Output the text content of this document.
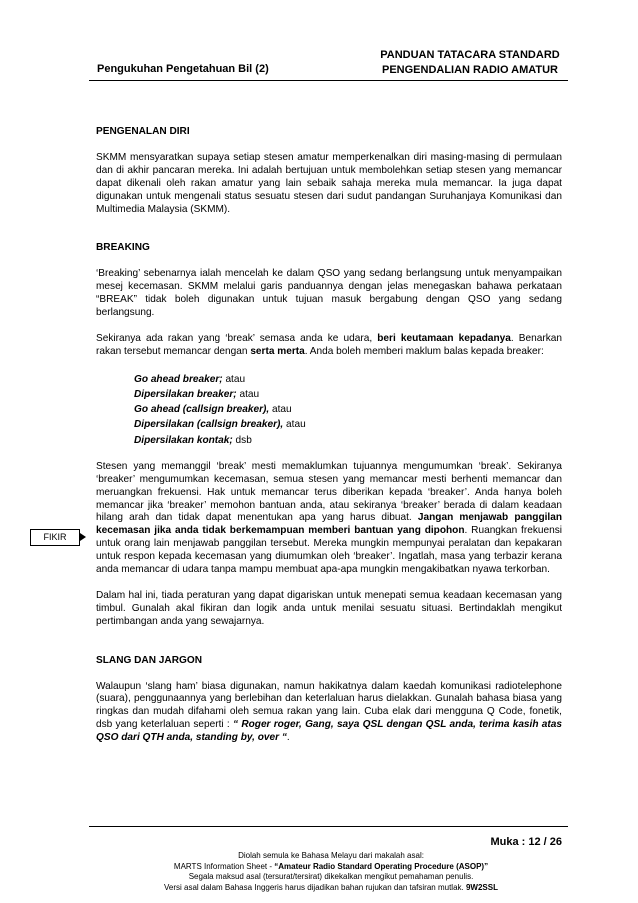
PANDUAN TATACARA STANDARD
PENGENDALIAN RADIO AMATUR
Pengukuhan Pengetahuan Bil (2)

PENGENALAN DIRI

SKMM mensyaratkan supaya setiap stesen amatur memperkenalkan diri masing-masing di permulaan dan di akhir pancaran mereka. Ini adalah bertujuan untuk membolehkan setiap stesen yang memancar dapat dikenali oleh rakan amatur yang lain sebaik sahaja mereka mula memancar. Ia juga dapat digunakan untuk mengenali status sesuatu stesen dari sudut pandangan Suruhanjaya Komunikasi dan Multimedia Malaysia (SKMM).

BREAKING

‘Breaking’ sebenarnya ialah mencelah ke dalam QSO yang sedang berlangsung untuk menyampaikan mesej kecemasan. SKMM melalui garis panduannya dengan jelas menegaskan bahawa perkataan “BREAK” tidak boleh digunakan untuk tujuan masuk bergabung dengan QSO yang sedang berlangsung.

Sekiranya ada rakan yang ‘break’ semasa anda ke udara, beri keutamaan kepadanya. Benarkan rakan tersebut memancar dengan serta merta. Anda boleh memberi maklum balas kepada breaker:

Go ahead breaker; atau
Dipersilakan breaker; atau
Go ahead (callsign breaker), atau
Dipersilakan (callsign breaker), atau
Dipersilakan kontak; dsb

Stesen yang memanggil ‘break’ mesti memaklumkan tujuannya mengumumkan ‘break’. Sekiranya ‘breaker’ mengumumkan kecemasan, semua stesen yang memancar mesti berhenti memancar dan meruangkan frekuensi. Hak untuk memancar terus diberikan kepada ‘breaker’. Anda hanya boleh memancar jika ‘breaker’ memohon bantuan anda, atau sekiranya ‘breaker’ berada di dalam keadaan hilang arah dan tidak dapat menentukan apa yang harus dibuat. Jangan menjawab panggilan kecemasan jika anda tidak berkemampuan memberi bantuan yang dipohon. Ruangkan frekuensi untuk orang lain menjawab panggilan tersebut. Mereka mungkin mempunyai peralatan dan kepakaran untuk respon kepada kecemasan yang diumumkan oleh ‘breaker’. Ingatlah, masa yang terbazir kerana anda memancar di udara tanpa mampu membuat apa-apa mungkin mengakibatkan nyawa terkorban.

Dalam hal ini, tiada peraturan yang dapat digariskan untuk menepati semua keadaan kecemasan yang timbul. Gunalah akal fikiran dan logik anda untuk menilai sesuatu situasi. Bertindaklah mengikut pertimbangan anda yang sewajarnya.

SLANG DAN JARGON

Walaupun ‘slang ham’ biasa digunakan, namun hakikatnya dalam kaedah komunikasi radiotelephone (suara), penggunaannya yang berlebihan dan keterlaluan harus dielakkan. Gunalah bahasa biasa yang ringkas dan mudah difahami oleh semua rakan yang lain. Cuba elak dari mengguna Q Code, fonetik, dsb yang keterlaluan seperti : “ Roger roger, Gang, saya QSL dengan QSL anda, terima kasih atas QSO dari QTH anda, standing by, over “.

FIKIR
Muka : 12 / 26
Diolah semula ke Bahasa Melayu dari makalah asal:
MARTS Information Sheet - “Amateur Radio Standard Operating Procedure (ASOP)”
Segala maksud asal (tersurat/tersirat) dikekalkan mengikut pemahaman penulis.
Versi asal dalam Bahasa Inggeris harus dijadikan bahan rujukan dan tafsiran mutlak. 9W2SSL
